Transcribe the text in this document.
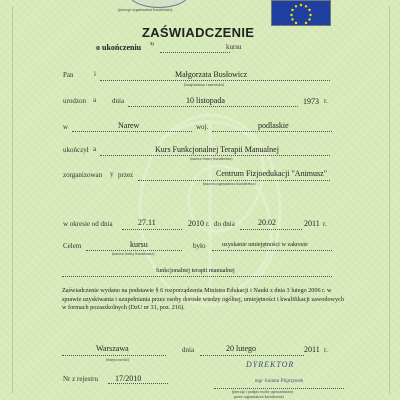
(pieczęć organizatora kształcenia)
ZAŚWIADCZENIE
o ukończeniu 1)	kursu
Pan	i	Małgorzata Busłowicz
(imię/imiona i nazwisko)
urodzon a dnia	10 listopada	1973 r.
w	Narew	woj.	podlaskie
ukończył a	Kurs Funkcjonalnej Terapii Manualnej
(nazwa formy kształcenia)
zorganizowan y przez	Centrum Fizjoedukacji "Animusz"
(nazwa organizatora kształcenia)
w okresie od dnia	27.11	2010 r. do dnia	20.02	2011 r.
Celem	kursu
(nazwa formy kształcenia)
było	uzyskanie umiejętności w zakresie
funkcjonalnej terapii manualnej
Zaświadczenie wydano na podstawie § 6 rozporządzenia Ministra Edukacji i Nauki z dnia 3 lutego 2006 r. w sprawie uzyskiwania i uzupełniania przez osoby dorosłe wiedzy ogólnej, umiejętności i kwalifikacji zawodowych w formach pozaszkolnych (DzU nr 31, poz. 216).
Warszawa
(miejscowość)
dnia	20 lutego	2011 r.
Nr z rejestru 17/2010
DYREKTOR
mgr Jolanta Pilgrzymek
(pieczęć i podpis osoby upoważnionej
przez organizatora kształcenia)
